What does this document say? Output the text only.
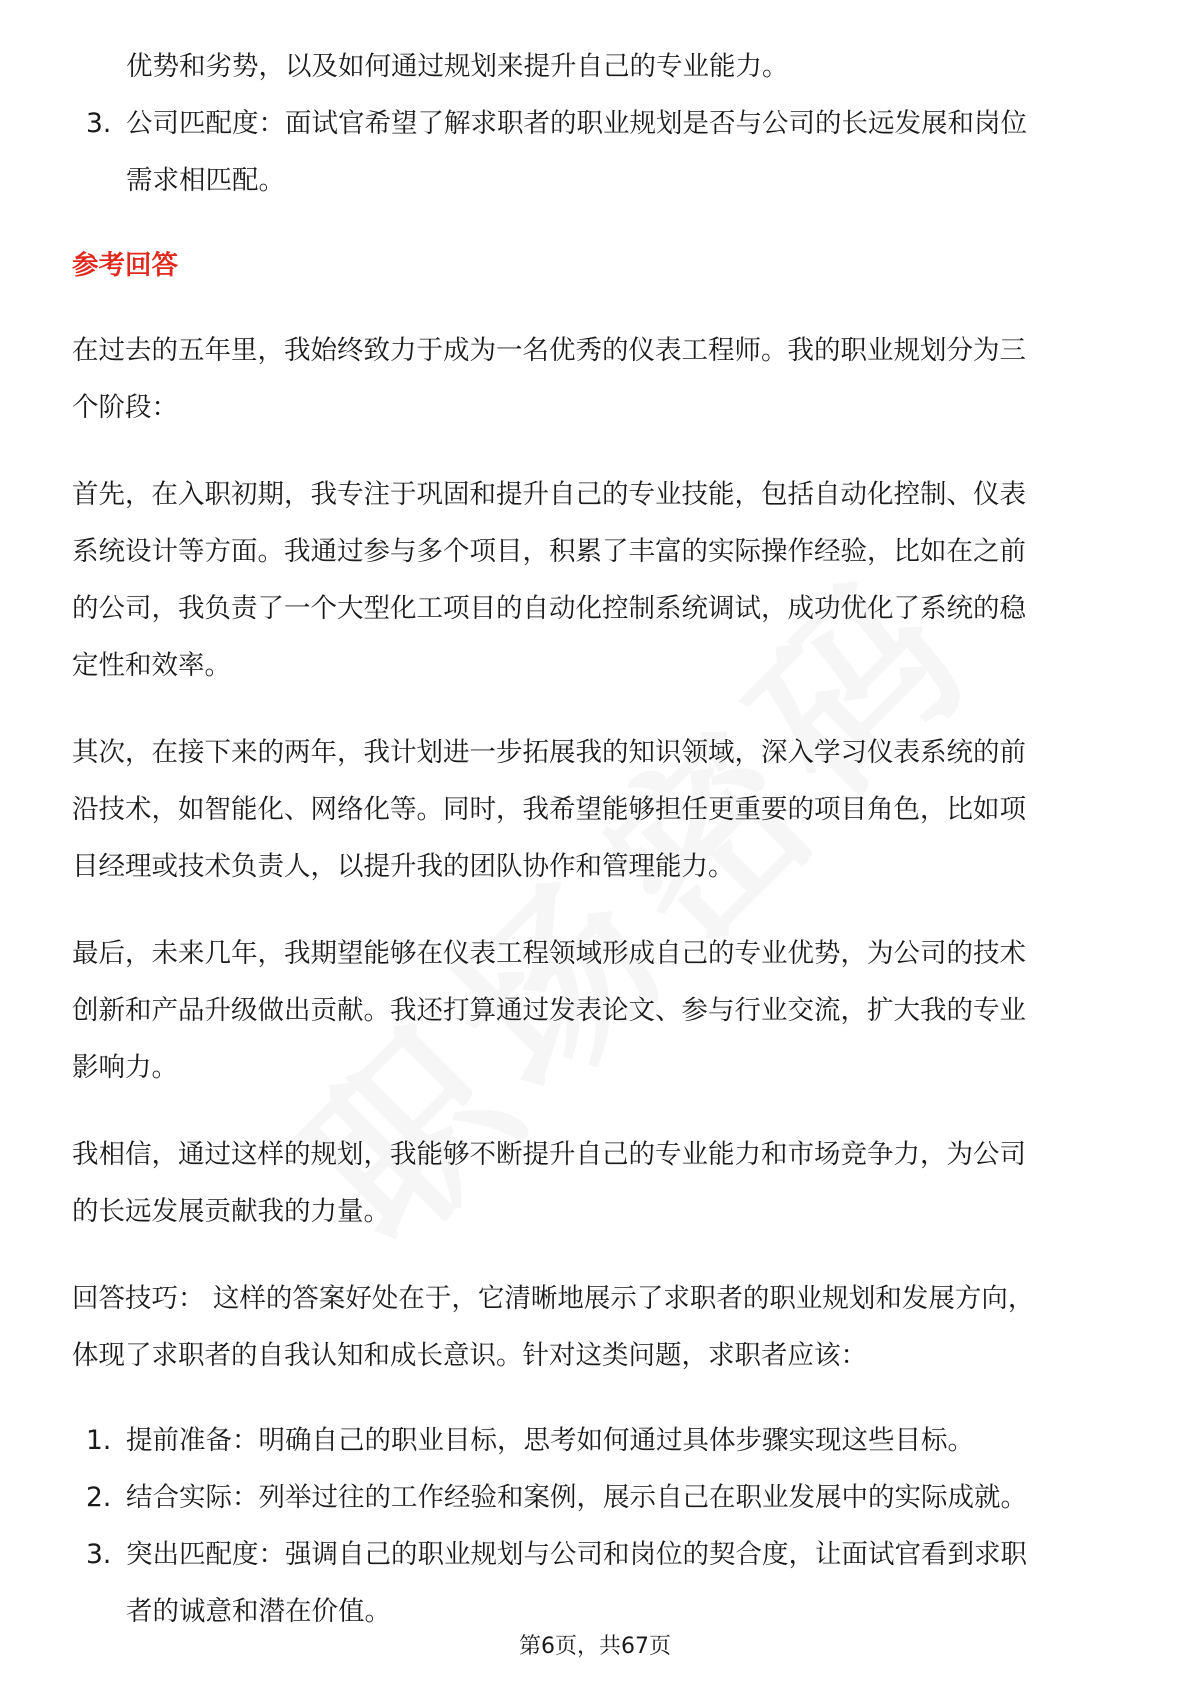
优势和劣势，以及如何通过规划来提升自己的专业能力。

3. 公司匹配度：面试官希望了解求职者的职业规划是否与公司的长远发展和岗位
需求相匹配。

参考回答

在过去的五年里，我始终致力于成为一名优秀的仪表工程师。我的职业规划分为三

个阶段：

首先，在入职初期，我专注于巩固和提升自己的专业技能，包括自动化控制、仪表

系统设计等方面。我通过参与多个项目，积累了丰富的实际操作经验，比如在之前

的公司，我负责了一个大型化工项目的自动化控制系统调试，成功优化了系统的稳

定性和效率。

其次，在接下来的两年，我计划进一步拓展我的知识领域，深入学习仪表系统的前

沿技术，如智能化、网络化等。同时，我希望能够担任更重要的项目角色，比如项

目经理或技术负责人，以提升我的团队协作和管理能力。

最后，未来几年，我期望能够在仪表工程领域形成自己的专业优势，为公司的技术

创新和产品升级做出贡献。我还打算通过发表论文、参与行业交流，扩大我的专业

影响力。

我相信，通过这样的规划，我能够不断提升自己的专业能力和市场竞争力，为公司

的长远发展贡献我的力量。

回答技巧： 这样的答案好处在于，它清晰地展示了求职者的职业规划和发展方向，

体现了求职者的自我认知和成长意识。针对这类问题，求职者应该：

1. 提前准备：明确自己的职业目标，思考如何通过具体步骤实现这些目标。
2. 结合实际：列举过往的工作经验和案例，展示自己在职业发展中的实际成就。
3. 突出匹配度：强调自己的职业规划与公司和岗位的契合度，让面试官看到求职
者的诚意和潜在价值。
第6页，共67页
